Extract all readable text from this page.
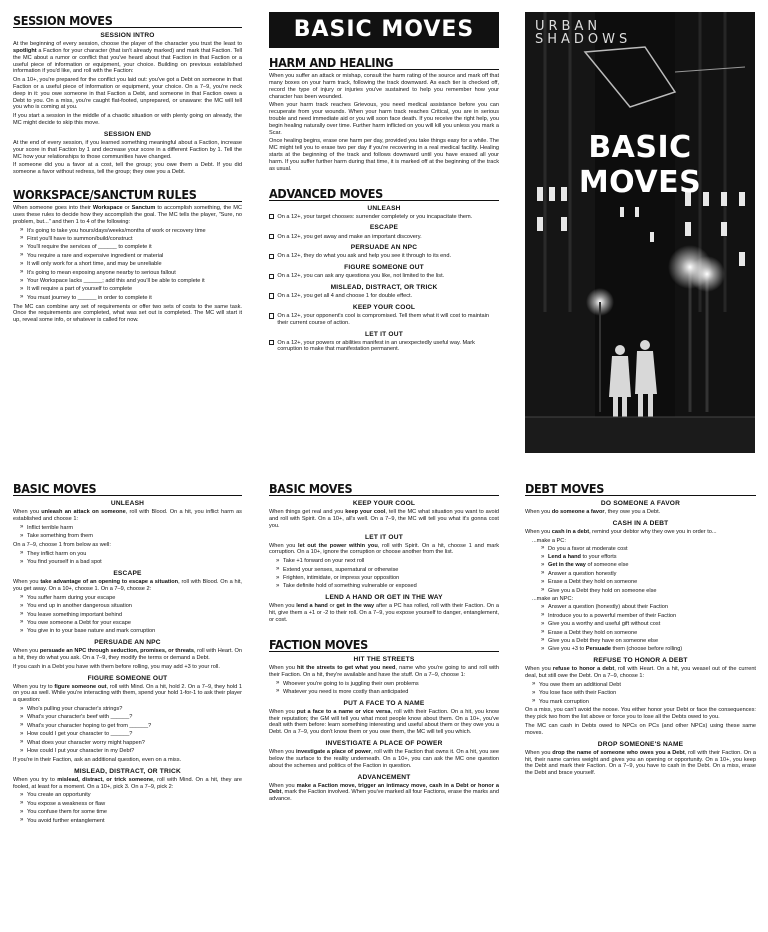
SESSION MOVES
SESSION INTRO

At the beginning of every session, choose the player of the character you trust the least to spotlight a Faction for your character (that isn't already marked) and mark that Faction. Tell the MC about a rumor or conflict that you've heard about that Faction in that Faction or a useful piece of information or equipment, your choice. Building on previous established information if you'd like, and roll with the Faction:

On a 10+, you're prepared for the conflict you laid out: you've got a Debt on someone in that Faction or a useful piece of information or equipment, your choice. On a 7–9, you're neck deep in it: you owe someone in that Faction a Debt, and someone in that Faction owes a Debt to you. On a miss, you're caught flat-footed, unprepared, or unaware: the MC will tell you who is coming at you.

If you start a session in the middle of a chaotic situation or with plenty going on already, the MC might decide to skip this move.

SESSION END

At the end of every session, if you learned something meaningful about a Faction, increase your score in that Faction by 1 and decrease your score in a different Faction by 1. Tell the MC how your relationships to those communities have changed.

If someone did you a favor at a cost, tell the group; you owe them a Debt. If you did someone a favor without redress, tell the group; they owe you a Debt.

WORKSPACE/SANCTUM RULES

When someone goes into their Workspace or Sanctum to accomplish something, the MC uses these rules to decide how they accomplish the goal. The MC tells the player, "Sure, no problem, but..." and then 1 to 4 of the following:

» It's going to take you hours/days/weeks/months of work or recovery time
» First you'll have to summon/build/construct
» You'll require the services of ______ to complete it
» You require a rare and expensive ingredient or material
» It will only work for a short time, and may be unreliable
» It's going to mean exposing anyone nearby to serious fallout
» Your Workspace lacks ______; add this and you'll be able to complete it
» It will require a part of yourself to complete
» You must journey to ______ in order to complete it

The MC can combine any set of requirements or offer two sets of costs to the same task. Once the requirements are completed, what was set out is completed. The MC will start it up, reveal some info, or whatever is called for now.

BASIC MOVES
HARM AND HEALING

When you suffer an attack or mishap, consult the harm rating of the source and mark off that many boxes on your harm track, following the track downward. As each tier is checked off, record the type of injury or injuries you've sustained to help you remember how your character has been wounded.

When your harm track reaches Grievous, you need medical assistance before you can recuperate from your wounds. When your harm track reaches Critical, you are in serious trouble and need immediate aid or you will soon face death. If you receive the right help, you begin healing naturally over time. Further harm inflicted on you will kill you unless you mark a Scar.

Once healing begins, erase one harm per day, provided you take things easy for a while. The MC might tell you to erase two per day if you're recovering in a real medical facility. Healing starts at the beginning of the track and follows downward until you have erased all your harm. If you suffer further harm during that time, it is marked off at the beginning of the track as usual.

ADVANCED MOVES
UNLEASH
On a 12+, your target chooses: surrender completely or you incapacitate them.
ESCAPE
On a 12+, you get away and make an important discovery.
PERSUADE AN NPC
On a 12+, they do what you ask and help you see it through to its end.
FIGURE SOMEONE OUT
On a 12+, you can ask any questions you like, not limited to the list.
MISLEAD, DISTRACT, OR TRICK
On a 12+, you get all 4 and choose 1 for double effect.
KEEP YOUR COOL
On a 12+, your opponent's cool is compromised. Tell them what it will cost to maintain their current course of action.
LET IT OUT
On a 12+, your powers or abilities manifest in an unexpectedly useful way. Mark corruption to make that manifestation permanent.
URBAN
SHADOWS
BASIC MOVES
BASIC MOVES
UNLEASH

When you unleash an attack on someone, roll with Blood. On a hit, you inflict harm as established and choose 1:

» Inflict terrible harm
» Take something from them

On a 7–9, choose 1 from below as well:

» They inflict harm on you
» You find yourself in a bad spot
ESCAPE

When you take advantage of an opening to escape a situation, roll with Blood. On a hit, you get away. On a 10+, choose 1. On a 7–9, choose 2:

» You suffer harm during your escape
» You end up in another dangerous situation
» You leave something important behind
» You owe someone a Debt for your escape
» You give in to your base nature and mark corruption
PERSUADE AN NPC

When you persuade an NPC through seduction, promises, or threats, roll with Heart. On a hit, they do what you ask. On a 7–9, they modify the terms or demand a Debt.

If you cash in a Debt you have with them before rolling, you may add +3 to your roll.

FIGURE SOMEONE OUT

When you try to figure someone out, roll with Mind. On a hit, hold 2. On a 7–9, they hold 1 on you as well. While you're interacting with them, spend your hold 1-for-1 to ask their player a question:

» Who's pulling your character's strings?
» What's your character's beef with ______?
» What's your character hoping to get from ______?
» How could I get your character to ______?
» What does your character worry might happen?
» How could I put your character in my Debt?

If you're in their Faction, ask an additional question, even on a miss.

MISLEAD, DISTRACT, OR TRICK

When you try to mislead, distract, or trick someone, roll with Mind. On a hit, they are fooled, at least for a moment. On a 10+, pick 3. On a 7–9, pick 2:

» You create an opportunity
» You expose a weakness or flaw
» You confuse them for some time
» You avoid further entanglement
BASIC MOVES
KEEP YOUR COOL

When things get real and you keep your cool, tell the MC what situation you want to avoid and roll with Spirit. On a 10+, all's well. On a 7–9, the MC will tell you what it's gonna cost you.

LET IT OUT

When you let out the power within you, roll with Spirit. On a hit, choose 1 and mark corruption. On a 10+, ignore the corruption or choose another from the list.

» Take +1 forward on your next roll
» Extend your senses, supernatural or otherwise
» Frighten, intimidate, or impress your opposition
» Take definite hold of something vulnerable or exposed
LEND A HAND OR GET IN THE WAY

When you lend a hand or get in the way after a PC has rolled, roll with their Faction. On a hit, give them a +1 or -2 to their roll. On a 7–9, you expose yourself to danger, entanglement, or cost.

FACTION MOVES
HIT THE STREETS

When you hit the streets to get what you need, name who you're going to and roll with their Faction. On a hit, they're available and have the stuff. On a 7–9, choose 1:

» Whoever you're going to is juggling their own problems
» Whatever you need is more costly than anticipated
PUT A FACE TO A NAME

When you put a face to a name or vice versa, roll with their Faction. On a hit, you know their reputation; the GM will tell you what most people know about them. On a 10+, you've dealt with them before: learn something interesting and useful about them or they owe you a Debt. On a 7–9, you don't know them or you owe them, the MC will tell you which.

INVESTIGATE A PLACE OF POWER

When you investigate a place of power, roll with the Faction that owns it. On a hit, you see below the surface to the reality underneath. On a 10+, you can ask the MC one question about the schemes and politics of the Faction in question.

ADVANCEMENT

When you make a Faction move, trigger an intimacy move, cash in a Debt or honor a Debt, mark the Faction involved. When you've marked all four Factions, erase the marks and advance.

DEBT MOVES
DO SOMEONE A FAVOR

When you do someone a favor, they owe you a Debt.

CASH IN A DEBT

When you cash in a debt, remind your debtor why they owe you in order to...

...make a PC:
» Do you a favor at moderate cost
» Lend a hand to your efforts
» Get in the way of someone else
» Answer a question honestly
» Erase a Debt they hold on someone
» Give you a Debt they hold on someone else
...make an NPC:
» Answer a question (honestly) about their Faction
» Introduce you to a powerful member of their Faction
» Give you a worthy and useful gift without cost
» Erase a Debt they hold on someone
» Give you a Debt they have on someone else
» Give you +3 to Persuade them (choose before rolling)
REFUSE TO HONOR A DEBT

When you refuse to honor a debt, roll with Heart. On a hit, you weasel out of the current deal, but still owe the Debt. On a 7–9, choose 1:

» You owe them an additional Debt
» You lose face with their Faction
» You mark corruption

On a miss, you can't avoid the noose. You either honor your Debt or face the consequences: they pick two from the list above or force you to lose all the Debts owed to you.

The MC can cash in Debts owed to NPCs on PCs (and other NPCs) using these same moves.

DROP SOMEONE'S NAME

When you drop the name of someone who owes you a Debt, roll with their Faction. On a hit, their name carries weight and gives you an opening or opportunity. On a 10+, you keep the Debt and mark their Faction. On a 7–9, you have to cash in the Debt. On a miss, erase the Debt and brace yourself.
